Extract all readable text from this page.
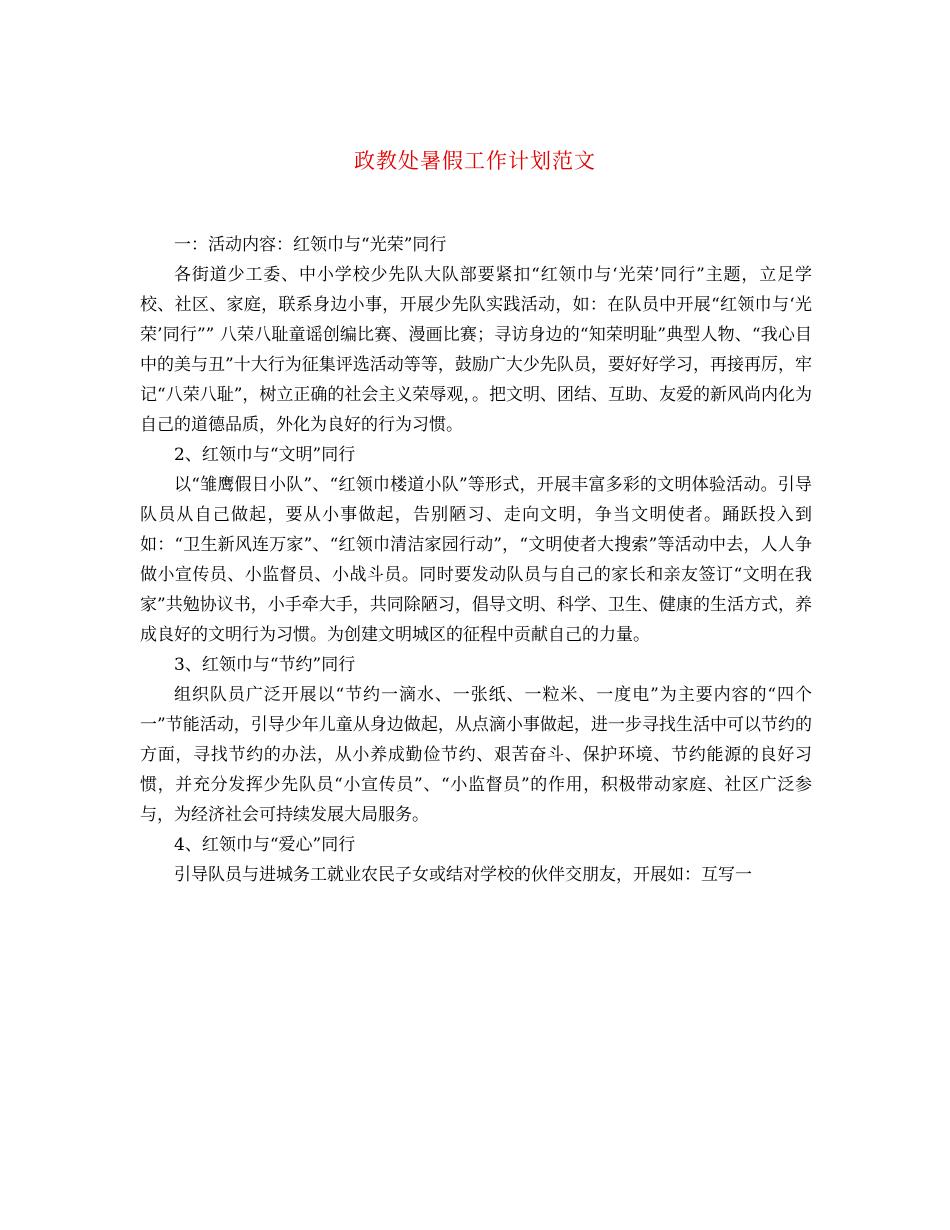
政教处暑假工作计划范文

一：活动内容：红领巾与“光荣”同行

各街道少工委、中小学校少先队大队部要紧扣“红领巾与‘光荣’同行”主题，立足学校、社区、家庭，联系身边小事，开展少先队实践活动，如：在队员中开展“红领巾与‘光荣’同行”” 八荣八耻童谣创编比赛、漫画比赛；寻访身边的“知荣明耻”典型人物、“我心目中的美与丑”十大行为征集评选活动等等，鼓励广大少先队员，要好好学习，再接再厉，牢记“八荣八耻”，树立正确的社会主义荣辱观，。把文明、团结、互助、友爱的新风尚内化为自己的道德品质，外化为良好的行为习惯。

2、红领巾与“文明”同行

以“雏鹰假日小队”、“红领巾楼道小队”等形式，开展丰富多彩的文明体验活动。引导队员从自己做起，要从小事做起，告别陋习、走向文明，争当文明使者。踊跃投入到如：“卫生新风连万家”、“红领巾清洁家园行动”，“文明使者大搜索”等活动中去，人人争做小宣传员、小监督员、小战斗员。同时要发动队员与自己的家长和亲友签订“文明在我家”共勉协议书，小手牵大手，共同除陋习，倡导文明、科学、卫生、健康的生活方式，养成良好的文明行为习惯。为创建文明城区的征程中贡献自己的力量。

3、红领巾与“节约”同行

组织队员广泛开展以“节约一滴水、一张纸、一粒米、一度电”为主要内容的“四个一”节能活动，引导少年儿童从身边做起，从点滴小事做起，进一步寻找生活中可以节约的方面，寻找节约的办法，从小养成勤俭节约、艰苦奋斗、保护环境、节约能源的良好习惯，并充分发挥少先队员“小宣传员”、“小监督员”的作用，积极带动家庭、社区广泛参与，为经济社会可持续发展大局服务。

4、红领巾与“爱心”同行

引导队员与进城务工就业农民子女或结对学校的伙伴交朋友，开展如：互写一
